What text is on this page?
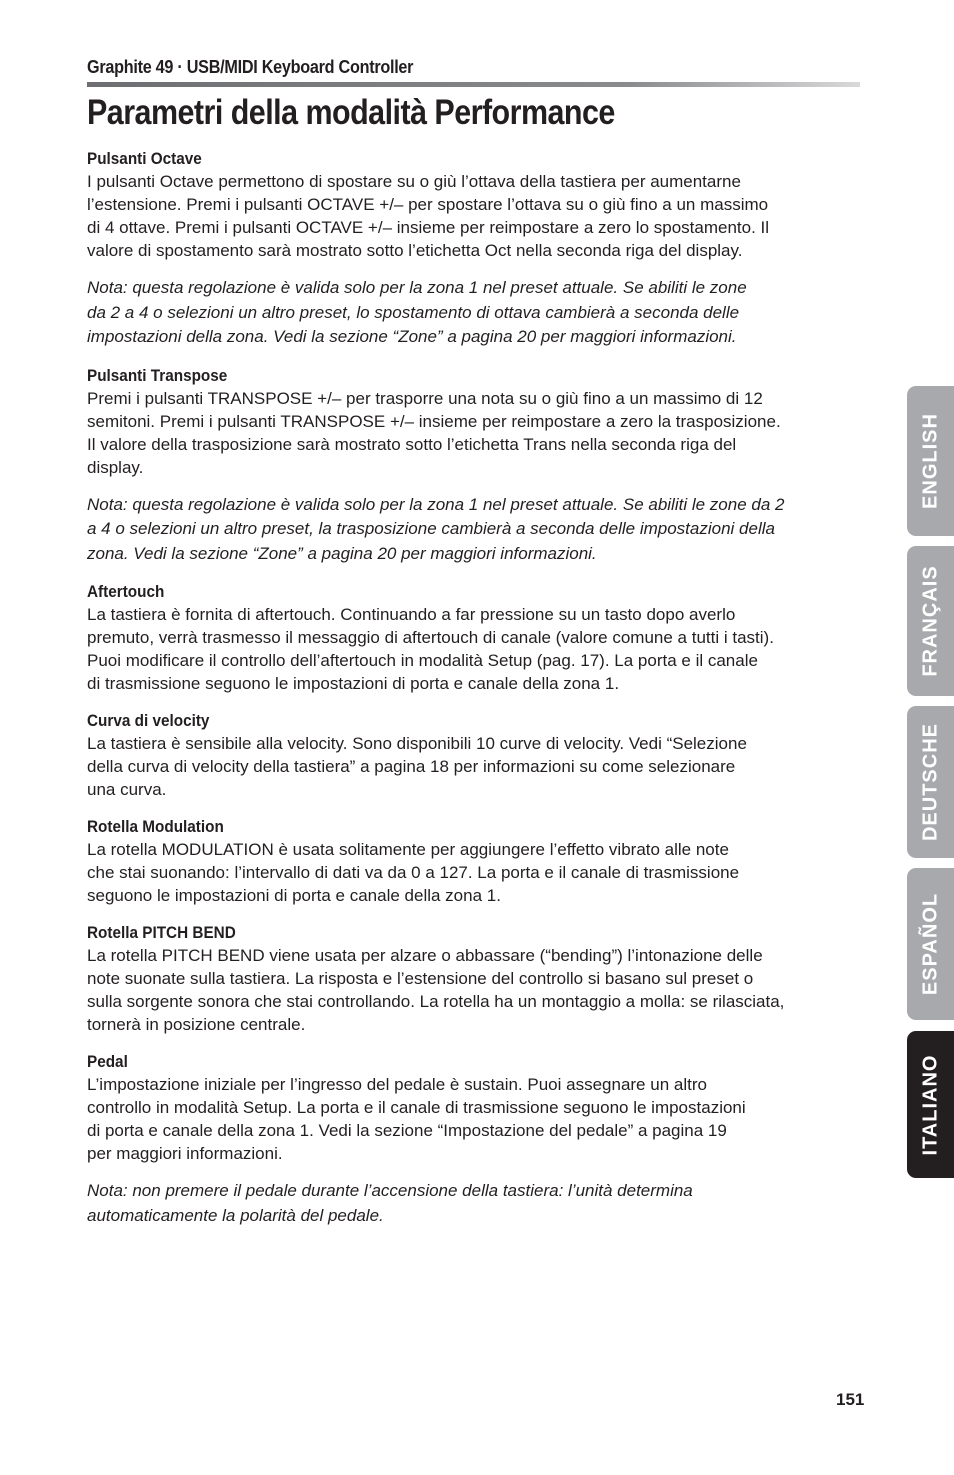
Graphite 49 · USB/MIDI Keyboard Controller
Parametri della modalità Performance
Pulsanti Octave
I pulsanti Octave permettono di spostare su o giù l’ottava della tastiera per aumentarne
l’estensione. Premi i pulsanti OCTAVE +/– per spostare l’ottava su o giù fino a un massimo
di 4 ottave. Premi i pulsanti OCTAVE +/– insieme per reimpostare a zero lo spostamento. Il
valore di spostamento sarà mostrato sotto l’etichetta Oct nella seconda riga del display.
Nota: questa regolazione è valida solo per la zona 1 nel preset attuale. Se abiliti le zone
da 2 a 4 o selezioni un altro preset, lo spostamento di ottava cambierà a seconda delle
impostazioni della zona. Vedi la sezione “Zone” a pagina 20 per maggiori informazioni.
Pulsanti Transpose
Premi i pulsanti TRANSPOSE +/– per trasporre una nota su o giù fino a un massimo di 12
semitoni. Premi i pulsanti TRANSPOSE +/– insieme per reimpostare a zero la trasposizione.
Il valore della trasposizione sarà mostrato sotto l’etichetta Trans nella seconda riga del
display.
Nota: questa regolazione è valida solo per la zona 1 nel preset attuale. Se abiliti le zone da 2
a 4 o selezioni un altro preset, la trasposizione cambierà a seconda delle impostazioni della
zona. Vedi la sezione “Zone” a pagina 20 per maggiori informazioni.
Aftertouch
La tastiera è fornita di aftertouch. Continuando a far pressione su un tasto dopo averlo
premuto, verrà trasmesso il messaggio di aftertouch di canale (valore comune a tutti i tasti).
Puoi modificare il controllo dell’aftertouch in modalità Setup (pag. 17). La porta e il canale
di trasmissione seguono le impostazioni di porta e canale della zona 1.
Curva di velocity
La tastiera è sensibile alla velocity. Sono disponibili 10 curve di velocity. Vedi “Selezione
della curva di velocity della tastiera” a pagina 18 per informazioni su come selezionare
una curva.
Rotella Modulation
La rotella MODULATION è usata solitamente per aggiungere l’effetto vibrato alle note
che stai suonando: l’intervallo di dati va da 0 a 127. La porta e il canale di trasmissione
seguono le impostazioni di porta e canale della zona 1.
Rotella PITCH BEND
La rotella PITCH BEND viene usata per alzare o abbassare (“bending”) l’intonazione delle
note suonate sulla tastiera. La risposta e l’estensione del controllo si basano sul preset o
sulla sorgente sonora che stai controllando. La rotella ha un montaggio a molla: se rilasciata,
tornerà in posizione centrale.
Pedal
L’impostazione iniziale per l’ingresso del pedale è sustain. Puoi assegnare un altro
controllo in modalità Setup. La porta e il canale di trasmissione seguono le impostazioni
di porta e canale della zona 1. Vedi la sezione “Impostazione del pedale” a pagina 19
per maggiori informazioni.
Nota: non premere il pedale durante l’accensione della tastiera: l’unità determina
automaticamente la polarità del pedale.
ENGLISH
FRANÇAIS
DEUTSCHE
ESPAÑOL
ITALIANO
151
